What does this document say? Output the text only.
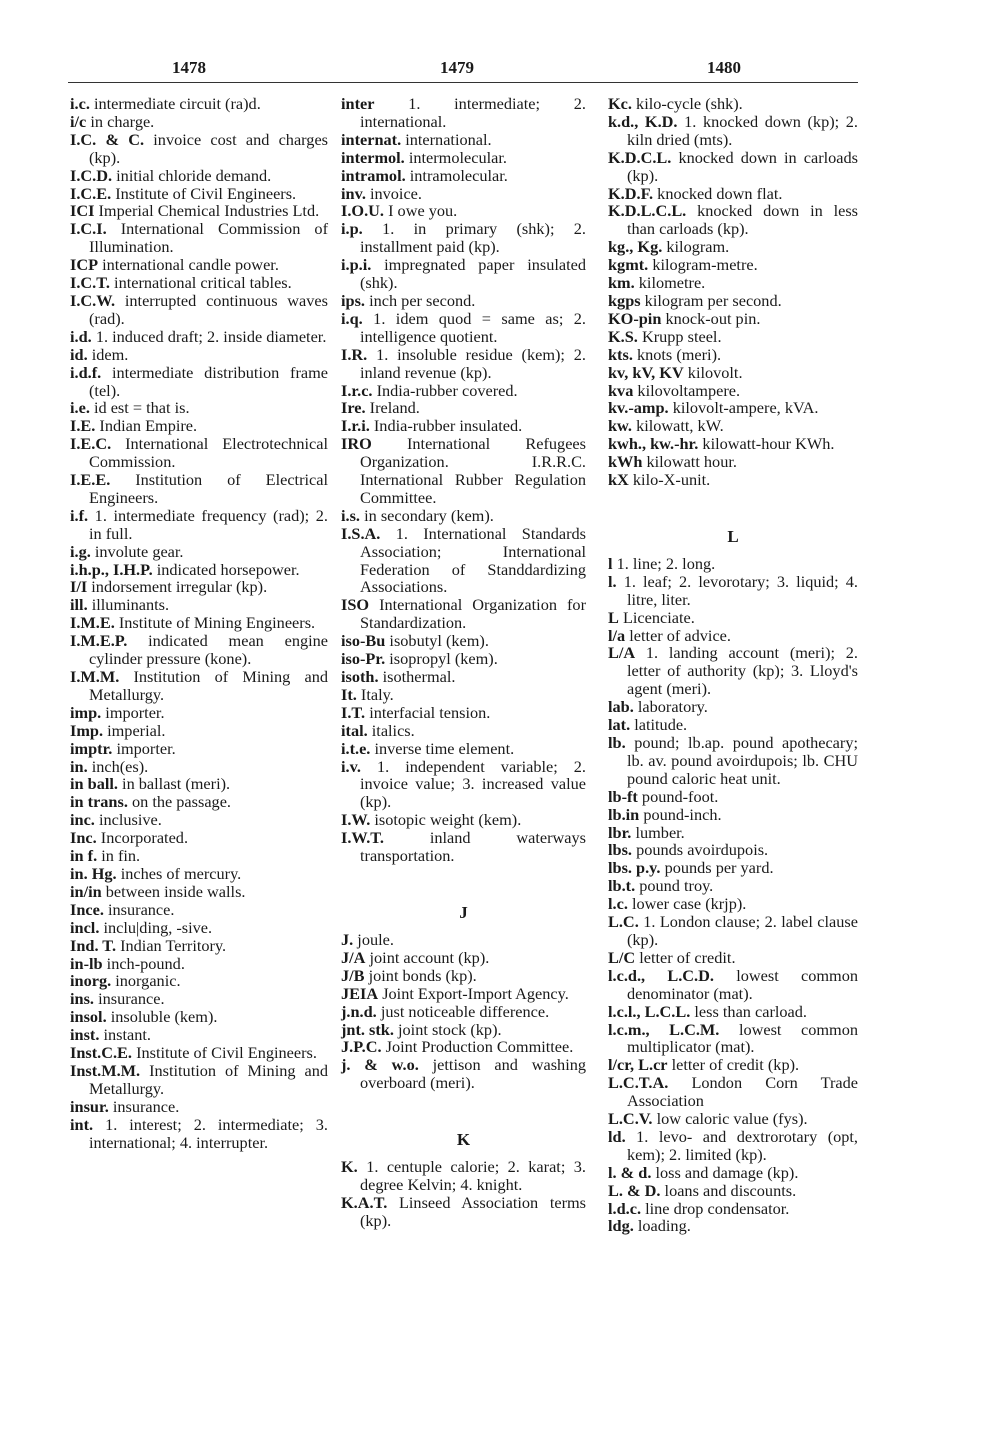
1478	1479	1480
i.c. intermediate circuit (ra)d.
i/c in charge.
I.C. & C. invoice cost and charges (kp).
I.C.D. initial chloride demand.
I.C.E. Institute of Civil Engineers.
ICI Imperial Chemical Industries Ltd.
I.C.I. International Commission of Illumination.
ICP international candle power.
I.C.T. international critical tables.
I.C.W. interrupted continuous waves (rad).
i.d. 1. induced draft; 2. inside diameter.
id. idem.
i.d.f. intermediate distribution frame (tel).
i.e. id est = that is.
I.E. Indian Empire.
I.E.C. International Electrotechnical Commission.
I.E.E. Institution of Electrical Engineers.
i.f. 1. intermediate frequency (rad); 2. in full.
i.g. involute gear.
i.h.p., I.H.P. indicated horsepower.
I/I indorsement irregular (kp).
ill. illuminants.
I.M.E. Institute of Mining Engineers.
I.M.E.P. indicated mean engine cylinder pressure (kone).
I.M.M. Institution of Mining and Metallurgy.
imp. importer.
Imp. imperial.
imptr. importer.
in. inch(es).
in ball. in ballast (meri).
in trans. on the passage.
inc. inclusive.
Inc. Incorporated.
in f. in fin.
in. Hg. inches of mercury.
in/in between inside walls.
Ince. insurance.
incl. inclu|ding, -sive.
Ind. T. Indian Territory.
in-lb inch-pound.
inorg. inorganic.
ins. insurance.
insol. insoluble (kem).
inst. instant.
Inst.C.E. Institute of Civil Engineers.
Inst.M.M. Institution of Mining and Metallurgy.
insur. insurance.
int. 1. interest; 2. intermediate; 3. international; 4. interrupter.
inter 1. intermediate; 2. international.
internat. international.
intermol. intermolecular.
intramol. intramolecular.
inv. invoice.
I.O.U. I owe you.
i.p. 1. in primary (shk); 2. installment paid (kp).
i.p.i. impregnated paper insulated (shk).
ips. inch per second.
i.q. 1. idem quod = same as; 2. intelligence quotient.
I.R. 1. insoluble residue (kem); 2. inland revenue (kp).
I.r.c. India-rubber covered.
Ire. Ireland.
I.r.i. India-rubber insulated.
IRO International Refugees Organization. I.R.R.C. International Rubber Regulation Committee.
i.s. in secondary (kem).
I.S.A. 1. International Standards Association; International Federation of Standdardizing Associations.
ISO International Organization for Standardization.
iso-Bu isobutyl (kem).
iso-Pr. isopropyl (kem).
isoth. isothermal.
It. Italy.
I.T. interfacial tension.
ital. italics.
i.t.e. inverse time element.
i.v. 1. independent variable; 2. invoice value; 3. increased value (kp).
I.W. isotopic weight (kem).
I.W.T.	inland waterways transportation.
J
J. joule.
J/A joint account (kp).
J/B joint bonds (kp).
JEIA Joint Export-Import Agency.
j.n.d. just noticeable difference.
jnt. stk. joint stock (kp).
J.P.C. Joint Production Committee.
j. & w.o. jettison and washing overboard (meri).
K
K. 1. centuple calorie; 2. karat; 3. degree Kelvin; 4. knight.
K.A.T. Linseed Association terms (kp).
Kc. kilo-cycle (shk).
k.d., K.D. 1. knocked down (kp); 2. kiln dried (mts).
K.D.C.L. knocked down in carloads (kp).
K.D.F. knocked down flat.
K.D.L.C.L. knocked down in less than carloads (kp).
kg., Kg. kilogram.
kgmt. kilogram-metre.
km. kilometre.
kgps kilogram per second.
KO-pin knock-out pin.
K.S. Krupp steel.
kts. knots (meri).
kv, kV, KV kilovolt.
kva kilovoltampere.
kv.-amp. kilovolt-ampere, kVA.
kw. kilowatt, kW.
kwh., kw.-hr. kilowatt-hour KWh.
kWh kilowatt hour.
kX kilo-X-unit.
L
l 1. line; 2. long.
l. 1. leaf; 2. levorotary; 3. liquid; 4. litre, liter.
L Licenciate.
l/a letter of advice.
L/A 1. landing account (meri); 2. letter of authority (kp); 3. Lloyd's agent (meri).
lab. laboratory.
lat. latitude.
lb. pound; lb.ap. pound apothecary; lb. av. pound avoirdupois; lb. CHU pound caloric heat unit.
lb-ft pound-foot.
lb.in pound-inch.
lbr. lumber.
lbs. pounds avoirdupois.
lbs. p.y. pounds per yard.
lb.t. pound troy.
l.c. lower case (krjp).
L.C. 1. London clause; 2. label clause (kp).
L/C letter of credit.
l.c.d., L.C.D. lowest common denominator (mat).
l.c.l., L.C.L. less than carload.
l.c.m., L.C.M. lowest common multiplicator (mat).
l/cr, L.cr letter of credit (kp).
L.C.T.A. London Corn Trade Association
L.C.V. low caloric value (fys).
ld. 1. levo- and dextrorotary (opt, kem); 2. limited (kp).
l. & d. loss and damage (kp).
L. & D. loans and discounts.
l.d.c. line drop condensator.
ldg. loading.
